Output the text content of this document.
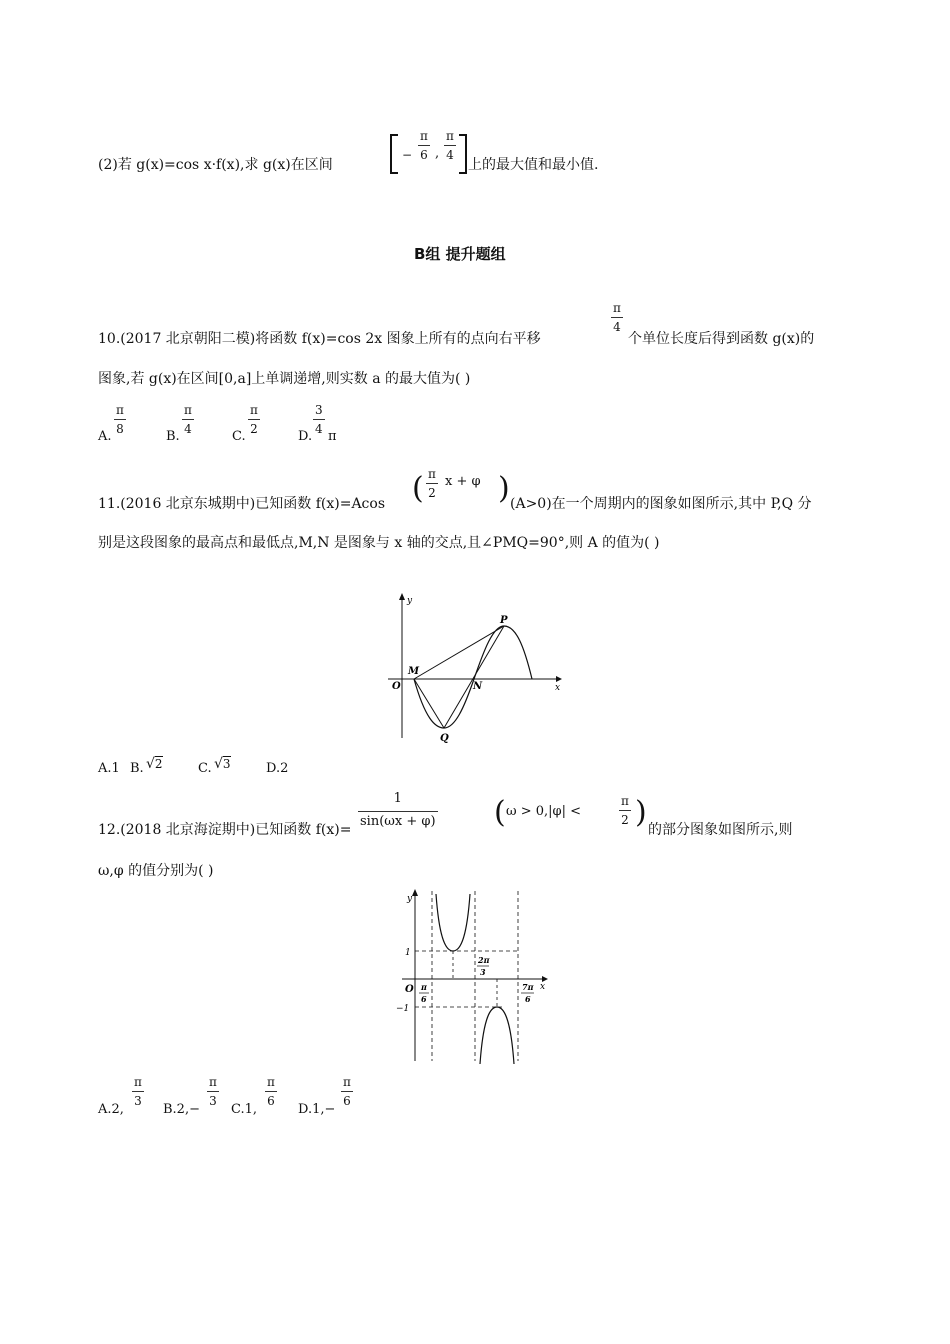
(2)若 g(x)=cos x·f(x),求 g(x)在区间
− $\frac{\pi}{6}$ , $\frac{\pi}{4}$
上的最大值和最小值.
B组 提升题组
10.(2017 北京朝阳二模)将函数 f(x)=cos 2x 图象上所有的点向右平移
$\frac{\pi}{4}$
个单位长度后得到函数 g(x)的
图象,若 g(x)在区间[0,a]上单调递增,则实数 a 的最大值为( )
A.
$\frac{\pi}{8}$
B.
$\frac{\pi}{4}$
C.
$\frac{\pi}{2}$
D.
$\frac{3}{4}$
π
11.(2016 北京东城期中)已知函数 f(x)=Acos ( $\frac{\pi}{2}$ x + φ ) (A>0)在一个周期内的图象如图所示,其中 P,Q 分
别是这段图象的最高点和最低点,M,N 是图象与 x 轴的交点,且∠PMQ=90°,则 A 的值为( )
y
x
P
Q
M
N
O
A.1 B. √2	C. √3	D.2
12.(2018 北京海淀期中)已知函数 f(x)=
$\frac{1}{\sin(\omega x + \varphi)}$ ( ω > 0,|φ| <	$\frac{\pi}{2}$ ) 的部分图象如图所示,则
ω,φ 的值分别为( )
y
x
O
1
−1
π
6
2π
3
7π
6
A.2,
$\frac{\pi}{3}$
B.2,−
$\frac{\pi}{3}$
C.1,
$\frac{\pi}{6}$
D.1,−
$\frac{\pi}{6}$
